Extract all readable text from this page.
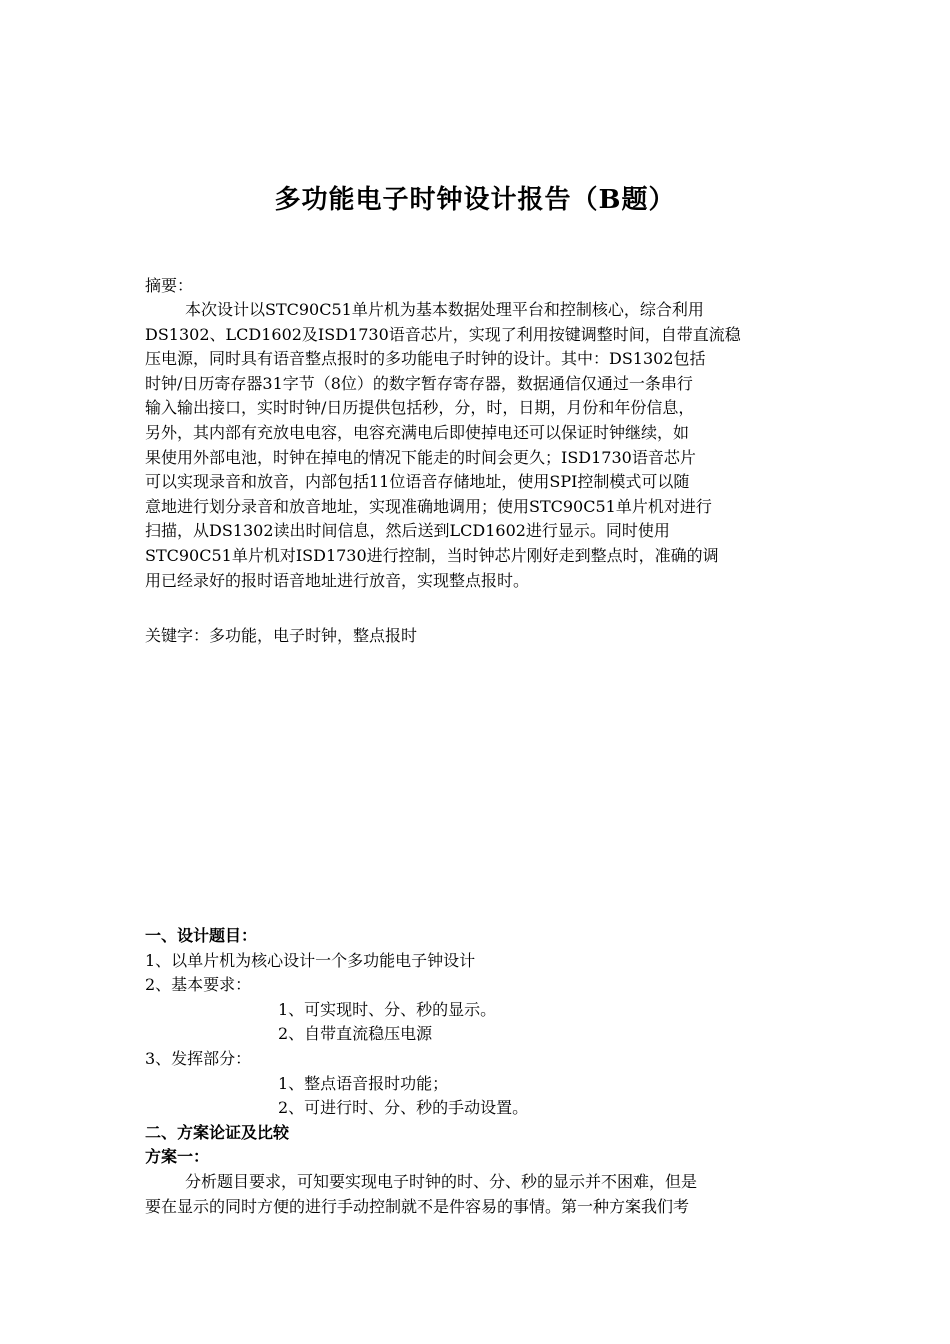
多功能电子时钟设计报告（B题）
摘要：
本次设计以STC90C51单片机为基本数据处理平台和控制核心，综合利用
DS1302、LCD1602及ISD1730语音芯片，实现了利用按键调整时间，自带直流稳
压电源，同时具有语音整点报时的多功能电子时钟的设计。其中：DS1302包括
时钟/日历寄存器31字节（8位）的数字暂存寄存器，数据通信仅通过一条串行
输入输出接口，实时时钟/日历提供包括秒，分，时，日期，月份和年份信息，
另外，其内部有充放电电容，电容充满电后即使掉电还可以保证时钟继续，如
果使用外部电池，时钟在掉电的情况下能走的时间会更久；ISD1730语音芯片
可以实现录音和放音，内部包括11位语音存储地址，使用SPI控制模式可以随
意地进行划分录音和放音地址，实现准确地调用；使用STC90C51单片机对进行
扫描，从DS1302读出时间信息，然后送到LCD1602进行显示。同时使用
STC90C51单片机对ISD1730进行控制，当时钟芯片刚好走到整点时，准确的调
用已经录好的报时语音地址进行放音，实现整点报时。
关键字：多功能，电子时钟，整点报时
一、设计题目：
1、以单片机为核心设计一个多功能电子钟设计
2、基本要求：
1、可实现时、分、秒的显示。
2、自带直流稳压电源
3、发挥部分：
1、整点语音报时功能；
2、可进行时、分、秒的手动设置。
二、方案论证及比较
方案一：
分析题目要求，可知要实现电子时钟的时、分、秒的显示并不困难，但是
要在显示的同时方便的进行手动控制就不是件容易的事情。第一种方案我们考
